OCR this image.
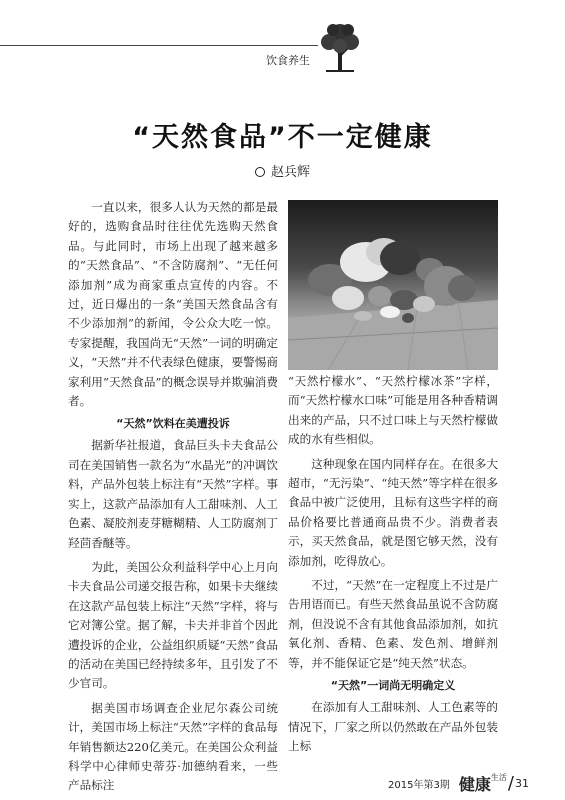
饮食养生
“天然食品”不一定健康
赵兵辉

一直以来，很多人认为天然的都是最好的，选购食品时往往优先选购天然食品。与此同时，市场上出现了越来越多的“天然食品”、“不含防腐剂”、“无任何添加剂”成为商家重点宣传的内容。不过，近日爆出的一条“美国天然食品含有不少添加剂”的新闻，令公众大吃一惊。专家提醒，我国尚无“天然”一词的明确定义，“天然”并不代表绿色健康，要警惕商家利用“天然食品”的概念误导并欺骗消费者。

“天然”饮料在美遭投诉

据新华社报道，食品巨头卡夫食品公司在美国销售一款名为“水晶光”的冲调饮料，产品外包装上标注有“天然”字样。事实上，这款产品添加有人工甜味剂、人工色素、凝胶剂麦芽糖糊精、人工防腐剂丁羟茴香醚等。

为此，美国公众利益科学中心上月向卡夫食品公司递交报告称，如果卡夫继续在这款产品包装上标注“天然”字样，将与它对簿公堂。据了解，卡夫并非首个因此遭投诉的企业，公益组织质疑“天然”食品的活动在美国已经持续多年，且引发了不少官司。

据美国市场调查企业尼尔森公司统计，美国市场上标注“天然”字样的食品每年销售额达220亿美元。在美国公众利益科学中心律师史蒂芬·加德纳看来，一些产品标注

“天然柠檬水”、“天然柠檬冰茶”字样，而“天然柠檬水口味”可能是用各种香精调出来的产品，只不过口味上与天然柠檬做成的水有些相似。

这种现象在国内同样存在。在很多大超市，“无污染”、“纯天然”等字样在很多食品中被广泛使用，且标有这些字样的商品价格要比普通商品贵不少。消费者表示，买天然食品，就是图它够天然，没有添加剂，吃得放心。

不过，“天然”在一定程度上不过是广告用语而已。有些天然食品虽说不含防腐剂，但没说不含有其他食品添加剂，如抗氧化剂、香精、色素、发色剂、增鲜剂等，并不能保证它是“纯天然”状态。

“天然”一词尚无明确定义

在添加有人工甜味剂、人工色素等的情况下，厂家之所以仍然敢在产品外包装上标

2015年第3期 健康$^{生活}$/31
